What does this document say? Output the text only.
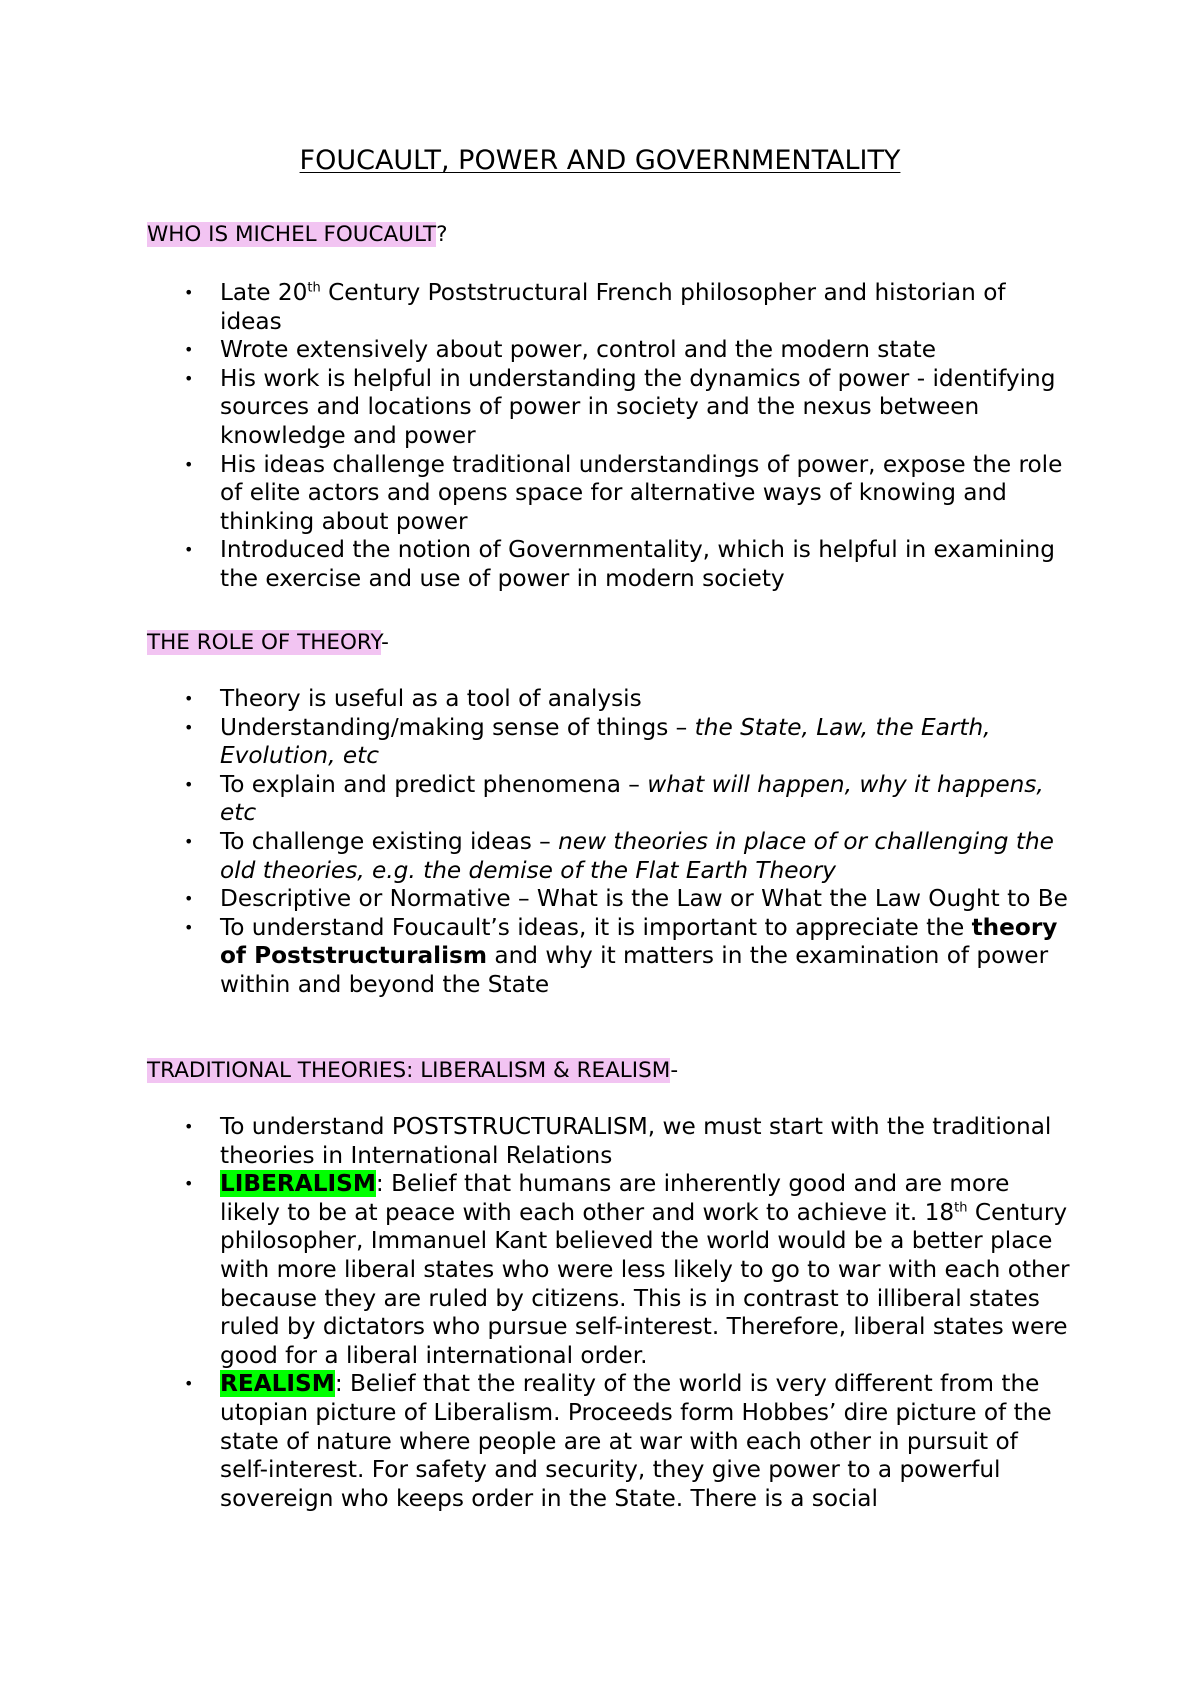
FOUCAULT, POWER AND GOVERNMENTALITY
WHO IS MICHEL FOUCAULT?
• Late 20th Century Poststructural French philosopher and historian of ideas
• Wrote extensively about power, control and the modern state
• His work is helpful in understanding the dynamics of power - identifying sources and locations of power in society and the nexus between knowledge and power
• His ideas challenge traditional understandings of power, expose the role of elite actors and opens space for alternative ways of knowing and thinking about power
• Introduced the notion of Governmentality, which is helpful in examining the exercise and use of power in modern society
THE ROLE OF THEORY-
• Theory is useful as a tool of analysis
• Understanding/making sense of things – the State, Law, the Earth, Evolution, etc
• To explain and predict phenomena – what will happen, why it happens, etc
• To challenge existing ideas – new theories in place of or challenging the old theories, e.g. the demise of the Flat Earth Theory
• Descriptive or Normative – What is the Law or What the Law Ought to Be
• To understand Foucault’s ideas, it is important to appreciate the theory of Poststructuralism and why it matters in the examination of power within and beyond the State
TRADITIONAL THEORIES: LIBERALISM & REALISM-
• To understand POSTSTRUCTURALISM, we must start with the traditional theories in International Relations
• LIBERALISM: Belief that humans are inherently good and are more likely to be at peace with each other and work to achieve it. 18th Century philosopher, Immanuel Kant believed the world would be a better place with more liberal states who were less likely to go to war with each other because they are ruled by citizens. This is in contrast to illiberal states ruled by dictators who pursue self-interest. Therefore, liberal states were good for a liberal international order.
• REALISM: Belief that the reality of the world is very different from the utopian picture of Liberalism. Proceeds form Hobbes’ dire picture of the state of nature where people are at war with each other in pursuit of self-interest. For safety and security, they give power to a powerful sovereign who keeps order in the State. There is a social
